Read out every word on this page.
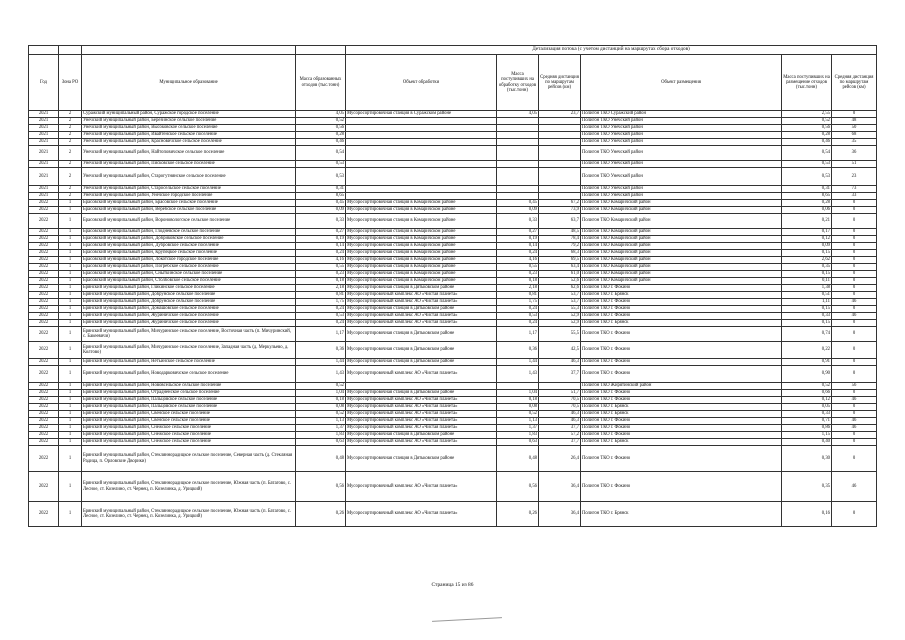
				Детализация потока (с учетом дистанций на маршрутах сбора отходов)					
Год	Зона РО	Муниципальное образование	Масса образованных отходов (тыс.тонн)	Объект обработки	Масса поступивших на обработку отходов (тыс.тонн)	Средняя дистанция по маршрутам рейсов (км)	Объект размещения	Масса поступивших на размещение отходов (тыс.тонн)	Средняя дистанция по маршрутам рейсов (км)
2021	2	Суражский муниципальный район, Суражское городское поселение	4,05	Мусоросортировочная станция в Суражском районе	4,05	23,7	Полигон ТКО Суражский район	2,55	0
2021	2	Унечский муниципальный район, Березинское сельское поселение	0,52				Полигон ТКО Унечский район	0,52	48
2021	2	Унечский муниципальный район, Высоковское сельское поселение	0,56				Полигон ТКО Унечский район	0,56	50
2021	2	Унечский муниципальный район, Ивайтенское сельское поселение	0,28				Полигон ТКО Унечский район	0,28	68
2021	2	Унечский муниципальный район, Красновичское сельское поселение	0,46				Полигон ТКО Унечский район	0,46	35
2021	2	Унечский муниципальный район, Найтоповичское сельское поселение	0,54				Полигон ТКО Унечский район	0,54	36
2021	2	Унечский муниципальный район, Писковское сельское поселение	0,53				Полигон ТКО Унечский район	0,53	51
2021	2	Унечский муниципальный район, Старогутнянское сельское поселение	0,53				Полигон ТКО Унечский район	0,53	23
2021	2	Унечский муниципальный район, Старосельское сельское поселение	0,31				Полигон ТКО Унечский район	0,31	73
2021	2	Унечский муниципальный район, Унечское городское поселение	8,65				Полигон ТКО Унечский район	8,65	33
2022	1	Брасовский муниципальный район, Брасовское сельское поселение	0,45	Мусоросортировочная станция в Комаричском районе	0,45	67,2	Полигон ТКО Комаричский район	0,28	0
2022	1	Брасовский муниципальный район, Веребское сельское поселение	0,09	Мусоросортировочная станция в Комаричском районе	0,09	73,9	Полигон ТКО Комаричский район	0,06	0
2022	1	Брасовский муниципальный район, Вороновологское сельское поселение	0,33	Мусоросортировочная станция в Комаричском районе	0,33	63,7	Полигон ТКО Комаричский район	0,21	0
2022	1	Брасовский муниципальный район, Глодневское сельское поселение	0,27	Мусоросортировочная станция в Комаричском районе	0,27	48,5	Полигон ТКО Комаричский район	0,17	0
2022	1	Брасовский муниципальный район, Добриковское сельское поселение	0,19	Мусоросортировочная станция в Комаричском районе	0,19	78,4	Полигон ТКО Комаричский район	0,12	0
2022	1	Брасовский муниципальный район, Дубровское сельское поселение	0,14	Мусоросортировочная станция в Комаричском районе	0,14	79,2	Полигон ТКО Комаричский район	0,09	0
2022	1	Брасовский муниципальный район, Крупецкое сельское поселение	0,24	Мусоросортировочная станция в Комаричском районе	0,24	68,3	Полигон ТКО Комаричский район	0,15	0
2022	1	Брасовский муниципальный район, Локотское городское поселение	4,16	Мусоросортировочная станция в Комаричском районе	4,16	69,5	Полигон ТКО Комаричский район	2,62	0
2022	1	Брасовский муниципальный район, Погребское сельское поселение	0,55	Мусоросортировочная станция в Комаричском районе	0,55	63,4	Полигон ТКО Комаричский район	0,35	0
2022	1	Брасовский муниципальный район, Сныткинское сельское поселение	0,23	Мусоросортировочная станция в Комаричском районе	0,23	61,0	Полигон ТКО Комаричский район	0,15	0
2022	1	Брасовский муниципальный район, Столбовское сельское поселение	0,18	Мусоросортировочная станция в Комаричском районе	0,18	52,6	Полигон ТКО Комаричский район	0,11	0
2022	1	Брянский муниципальный район, Гликинское сельское поселение	2,18	Мусоросортировочная станция в Дятьковском районе	2,18	62,6	Полигон ТКО г. Фокино	1,38	0
2022	1	Брянский муниципальный район, Добрунское сельское поселение	0,81	Мусоросортировочный комплекс АО «Чистая планета»	0,81	53,7	Полигон ТКО г. Брянск	0,51	0
2022	1	Брянский муниципальный район, Добрунское сельское поселение	1,75	Мусоросортировочный комплекс АО «Чистая планета»	1,75	53,7	Полигон ТКО г. Фокино	1,11	46
2022	1	Брянский муниципальный район, Домашовское сельское поселение	0,24	Мусоросортировочная станция в Дятьковском районе	0,24	55,3	Полигон ТКО г. Фокино	0,15	0
2022	1	Брянский муниципальный район, Журиничское сельское поселение	0,53	Мусоросортировочный комплекс АО «Чистая планета»	0,53	52,9	Полигон ТКО г. Фокино	0,33	46
2022	1	Брянский муниципальный район, Журиничское сельское поселение	0,24	Мусоросортировочный комплекс АО «Чистая планета»	0,24	52,9	Полигон ТКО г. Брянск	0,15	0
2022	1	Брянский муниципальный район, Мичуринское сельское поселение, Восточная часть (п. Мичуринский, с. Бакеевичи)	1,17	Мусоросортировочная станция в Дятьковском районе	1,17	55,5	Полигон ТКО г. Фокино	0,74	0
2022	1	Брянский муниципальный район, Мичуринское сельское поселение, Западная часть (д. Меркульево, д. Колтово)	0,36	Мусоросортировочная станция в Дятьковском районе	0,36	42,5	Полигон ТКО г. Фокино	0,22	0
2022	1	Брянский муниципальный район, Нетьинское сельское поселение	1,44	Мусоросортировочная станция в Дятьковском районе	1,44	46,3	Полигон ТКО г. Фокино	0,91	0
2022	1	Брянский муниципальный район, Новодарковичское сельское поселение	1,43	Мусоросортировочный комплекс АО «Чистая планета»	1,43	37,7	Полигон ТКО г. Фокино	0,90	0
2022	1	Брянский муниципальный район, Нововсельское сельское поселение	0,52				Полигон ТКО Жирятинский район	0,52	56
2022	1	Брянский муниципальный район, Отрадненское сельское поселение	1,04	Мусоросортировочная станция в Дятьковском районе	1,04	51,7	Полигон ТКО г. Фокино	0,66	0
2022	1	Брянский муниципальный район, Пальцовское сельское поселение	0,18	Мусоросортировочный комплекс АО «Чистая планета»	0,18	70,5	Полигон ТКО г. Фокино	0,12	46
2022	1	Брянский муниципальный район, Пальцовское сельское поселение	0,08	Мусоросортировочный комплекс АО «Чистая планета»	0,08	70,5	Полигон ТКО г. Брянск	0,05	0
2022	1	Брянский муниципальный район, Свенское сельское поселение	0,52	Мусоросортировочный комплекс АО «Чистая планета»	0,52	46,3	Полигон ТКО г. Брянск	0,33	0
2022	1	Брянский муниципальный район, Свенское сельское поселение	1,13	Мусоросортировочный комплекс АО «Чистая планета»	1,13	46,3	Полигон ТКО г. Фокино	0,71	46
2022	1	Брянский муниципальный район, Снежское сельское поселение	1,37	Мусоросортировочный комплекс АО «Чистая планета»	1,37	37,7	Полигон ТКО г. Фокино	0,86	46
2022	1	Брянский муниципальный район, Снежское сельское поселение	1,83	Мусоросортировочная станция в Дятьковском районе	1,83	57,2	Полигон ТКО г. Фокино	1,15	0
2022	1	Брянский муниципальный район, Снежское сельское поселение	0,63	Мусоросортировочный комплекс АО «Чистая планета»	0,63	37,7	Полигон ТКО г. Брянск	0,40	0
2022	1	Брянский муниципальный район, Стекляннорадицкое сельское поселение, Северная часть (д. Стекляная Радица, п. Орловские Дворики)	0,48	Мусоросортировочная станция в Дятьковском районе	0,48	26,4	Полигон ТКО г. Фокино	0,30	0
2022	1	Брянский муниципальный район, Стекляннорадицкое сельское поселение, Южная часть (п. Батагово, с. Лесное, ст. Козелино, ст. Чернец, п. Козелинка, д. Урицкий)	0,56	Мусоросортировочный комплекс АО «Чистая планета»	0,56	36,4	Полигон ТКО г. Фокино	0,35	46
2022	1	Брянский муниципальный район, Стекляннорадицкое сельское поселение, Южная часть (п. Батагово, с. Лесное, ст. Козелино, ст. Чернец, п. Козелинка, д. Урицкий)	0,26	Мусоросортировочный комплекс АО «Чистая планета»	0,26	36,4	Полигон ТКО г. Брянск	0,16	0
Страница 15 из 86
